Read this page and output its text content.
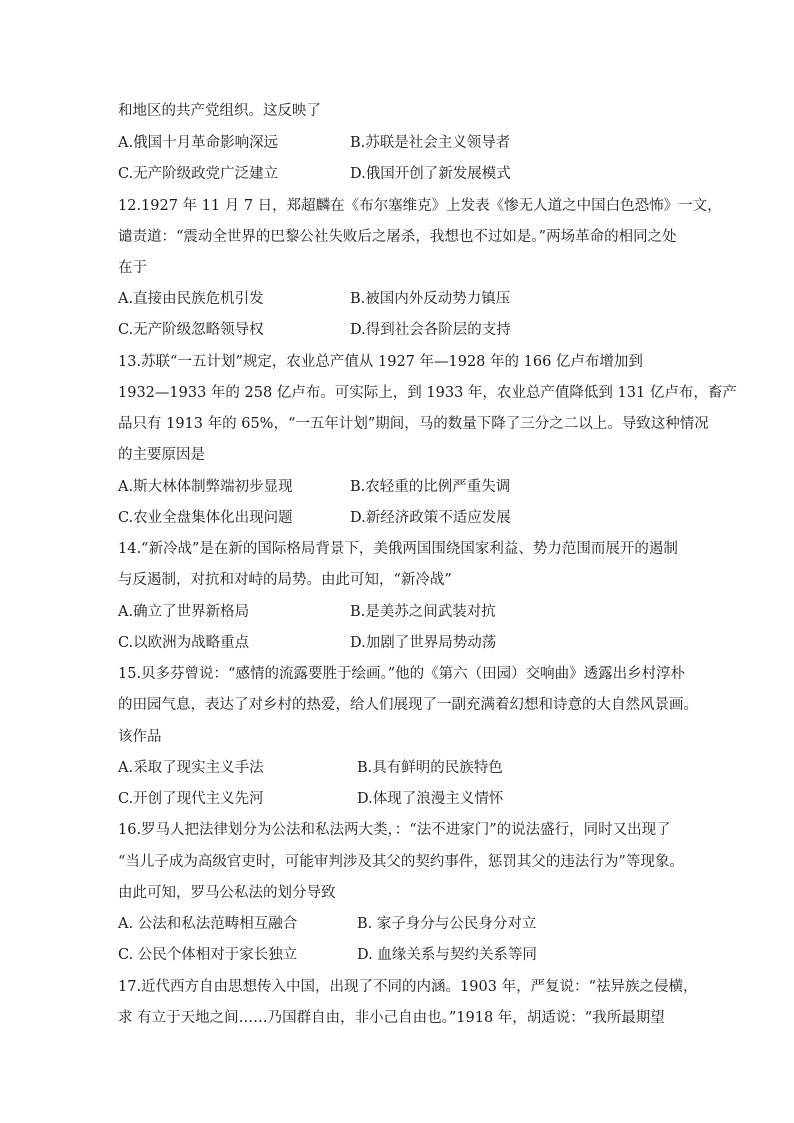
和地区的共产党组织。这反映了
A.俄国十月革命影响深远	B.苏联是社会主义领导者
C.无产阶级政党广泛建立	D.俄国开创了新发展模式
12.1927 年 11 月 7 日，郑超麟在《布尔塞维克》上发表《惨无人道之中国白色恐怖》一文，
谴责道：“震动全世界的巴黎公社失败后之屠杀，我想也不过如是。”两场革命的相同之处
在于
A.直接由民族危机引发	B.被国内外反动势力镇压
C.无产阶级忽略领导权	D.得到社会各阶层的支持
13.苏联“一五计划”规定，农业总产值从 1927 年—1928 年的 166 亿卢布增加到
1932—1933 年的 258 亿卢布。可实际上，到 1933 年，农业总产值降低到 131 亿卢布，畜产
品只有 1913 年的 65%，“一五年计划”期间，马的数量下降了三分之二以上。导致这种情况
的主要原因是
A.斯大林体制弊端初步显现	B.农轻重的比例严重失调
C.农业全盘集体化出现问题	D.新经济政策不适应发展
14.“新冷战”是在新的国际格局背景下，美俄两国围绕国家利益、势力范围而展开的遏制
与反遏制，对抗和对峙的局势。由此可知，“新冷战”
A.确立了世界新格局	B.是美苏之间武装对抗
C.以欧洲为战略重点	D.加剧了世界局势动荡
15.贝多芬曾说：“感情的流露要胜于绘画。”他的《第六（田园）交响曲》透露出乡村淳朴
的田园气息，表达了对乡村的热爱，给人们展现了一副充满着幻想和诗意的大自然风景画。
该作品
A.采取了现实主义手法	B.具有鲜明的民族特色
C.开创了现代主义先河	D.体现了浪漫主义情怀
16.罗马人把法律划分为公法和私法两大类，：“法不进家门”的说法盛行，同时又出现了
“当儿子成为高级官吏时，可能审判涉及其父的契约事件，惩罚其父的违法行为”等现象。
由此可知，罗马公私法的划分导致
A. 公法和私法范畴相互融合	B. 家子身分与公民身分对立
C. 公民个体相对于家长独立	D. 血缘关系与契约关系等同
17.近代西方自由思想传入中国，出现了不同的内涵。1903 年，严复说：“祛异族之侵横，
求 有立于天地之间……乃国群自由，非小己自由也。”1918 年，胡适说：“我所最期望
